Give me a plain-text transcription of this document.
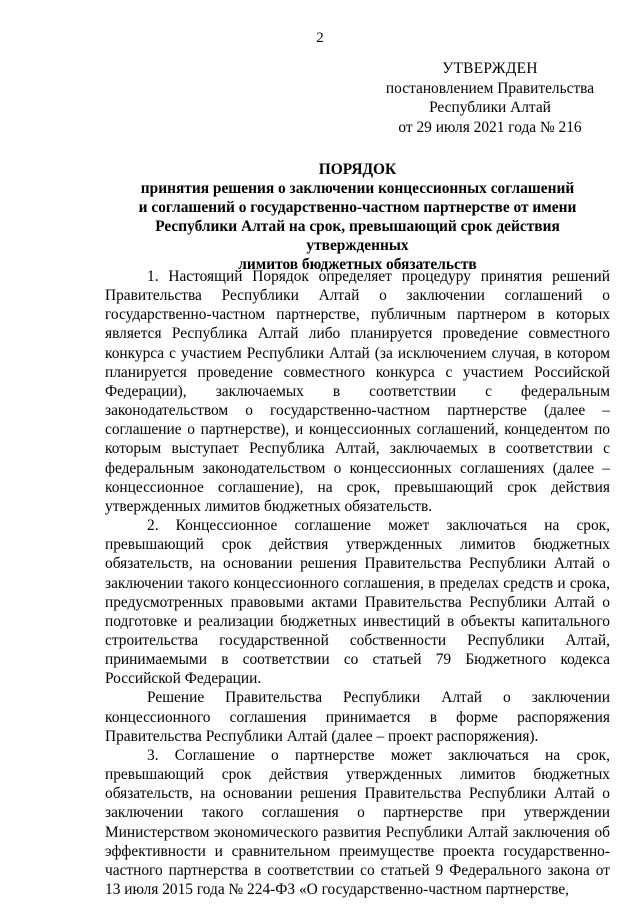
2
УТВЕРЖДЕН
постановлением Правительства
Республики Алтай
от 29 июля 2021 года № 216
ПОРЯДОК
принятия решения о заключении концессионных соглашений
и соглашений о государственно-частном партнерстве от имени
Республики Алтай на срок, превышающий срок действия утвержденных
лимитов бюджетных обязательств

1. Настоящий Порядок определяет процедуру принятия решений Правительства Республики Алтай о заключении соглашений о государственно-частном партнерстве, публичным партнером в которых является Республика Алтай либо планируется проведение совместного конкурса с участием Республики Алтай (за исключением случая, в котором планируется проведение совместного конкурса с участием Российской Федерации), заключаемых в соответствии с федеральным законодательством о государственно-частном партнерстве (далее – соглашение о партнерстве), и концессионных соглашений, концедентом по которым выступает Республика Алтай, заключаемых в соответствии с федеральным законодательством о концессионных соглашениях (далее – концессионное соглашение), на срок, превышающий срок действия утвержденных лимитов бюджетных обязательств.

2. Концессионное соглашение может заключаться на срок, превышающий срок действия утвержденных лимитов бюджетных обязательств, на основании решения Правительства Республики Алтай о заключении такого концессионного соглашения, в пределах средств и срока, предусмотренных правовыми актами Правительства Республики Алтай о подготовке и реализации бюджетных инвестиций в объекты капитального строительства государственной собственности Республики Алтай, принимаемыми в соответствии со статьей 79 Бюджетного кодекса Российской Федерации.

Решение Правительства Республики Алтай о заключении концессионного соглашения принимается в форме распоряжения Правительства Республики Алтай (далее – проект распоряжения).

3. Соглашение о партнерстве может заключаться на срок, превышающий срок действия утвержденных лимитов бюджетных обязательств, на основании решения Правительства Республики Алтай о заключении такого соглашения о партнерстве при утверждении Министерством экономического развития Республики Алтай заключения об эффективности и сравнительном преимуществе проекта государственно-частного партнерства в соответствии со статьей 9 Федерального закона от 13 июля 2015 года № 224-ФЗ «О государственно-частном партнерстве,
